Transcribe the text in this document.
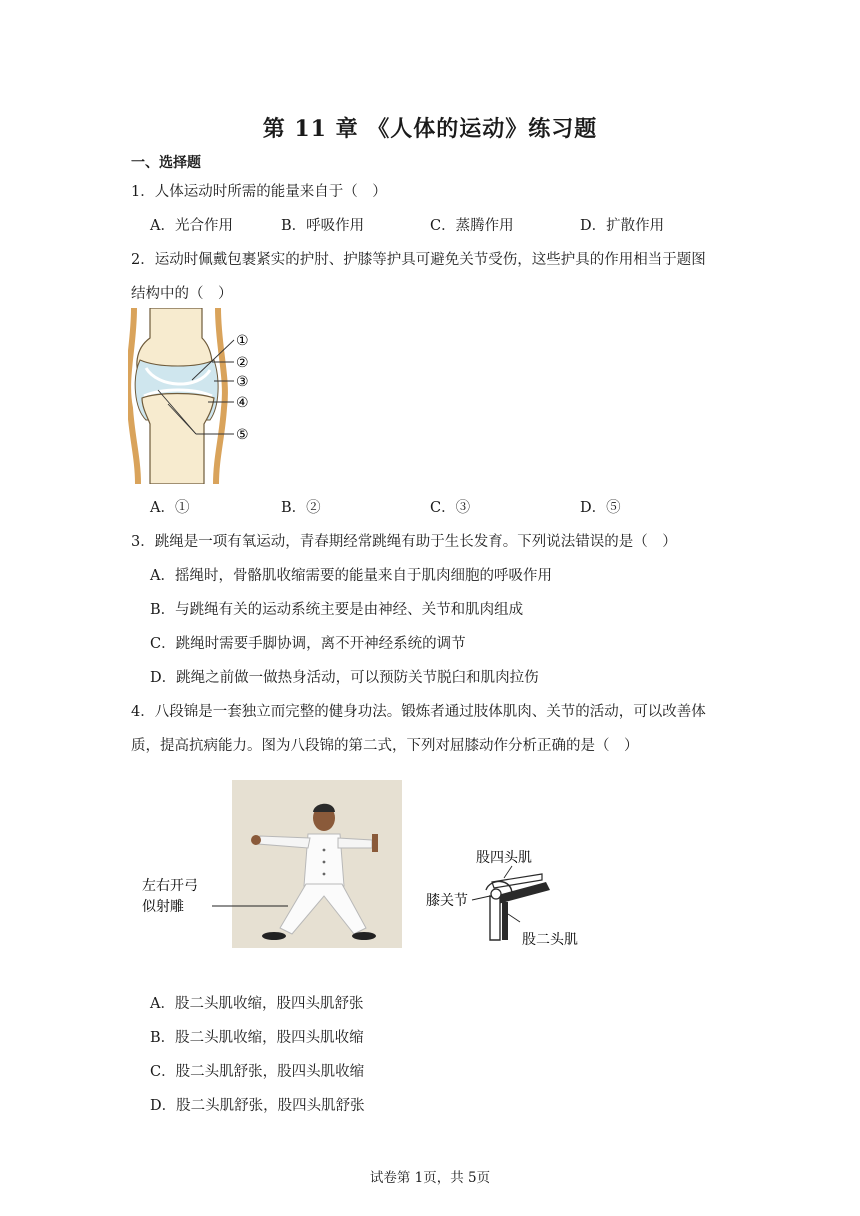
第 11 章 《人体的运动》练习题
一、选择题
1．人体运动时所需的能量来自于（　）
A．光合作用	B．呼吸作用	C．蒸腾作用	D．扩散作用
2．运动时佩戴包裹紧实的护肘、护膝等护具可避免关节受伤，这些护具的作用相当于题图
结构中的（　）
①
②
③
④
⑤
A．①	B．②	C．③	D．⑤
3．跳绳是一项有氧运动，青春期经常跳绳有助于生长发育。下列说法错误的是（　）
A．摇绳时，骨骼肌收缩需要的能量来自于肌肉细胞的呼吸作用
B．与跳绳有关的运动系统主要是由神经、关节和肌肉组成
C．跳绳时需要手脚协调，离不开神经系统的调节
D．跳绳之前做一做热身活动，可以预防关节脱臼和肌肉拉伤
4．八段锦是一套独立而完整的健身功法。锻炼者通过肢体肌肉、关节的活动，可以改善体
质，提高抗病能力。图为八段锦的第二式，下列对屈膝动作分析正确的是（　）
左右开弓
似射雕
股四头肌
膝关节
股二头肌
A．股二头肌收缩，股四头肌舒张
B．股二头肌收缩，股四头肌收缩
C．股二头肌舒张，股四头肌收缩
D．股二头肌舒张，股四头肌舒张
试卷第 1页，共 5页
